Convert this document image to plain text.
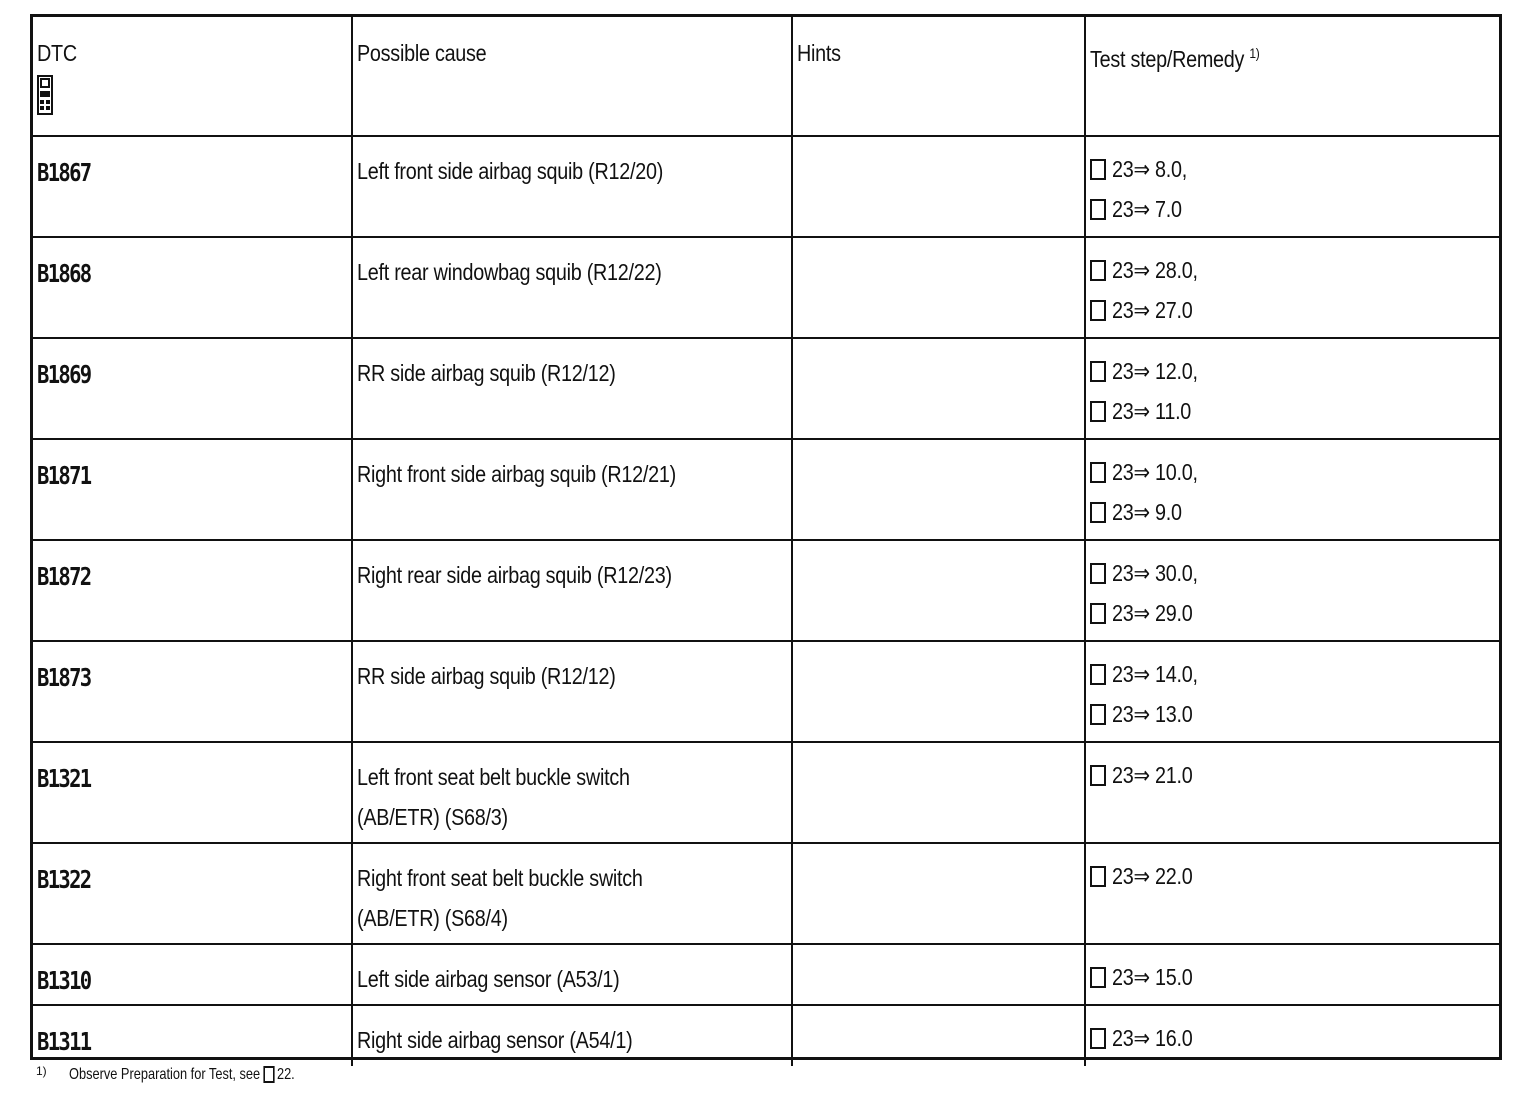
DTC	Possible cause	Hints	Test step/Remedy $^{1)}$

B1867	Left front side airbag squib (R12/20)		23⇒ 8.0,
23⇒ 7.0

B1868	Left rear windowbag squib (R12/22)		23⇒ 28.0,
23⇒ 27.0

B1869	RR side airbag squib (R12/12)		23⇒ 12.0,
23⇒ 11.0

B1871	Right front side airbag squib (R12/21)		23⇒ 10.0,
23⇒ 9.0

B1872	Right rear side airbag squib (R12/23)		23⇒ 30.0,
23⇒ 29.0

B1873	RR side airbag squib (R12/12)		23⇒ 14.0,
23⇒ 13.0

B1321	Left front seat belt buckle switch
(AB/ETR) (S68/3)		23⇒ 21.0

B1322	Right front seat belt buckle switch
(AB/ETR) (S68/4)		23⇒ 22.0

B1310	Left side airbag sensor (A53/1)		23⇒ 15.0

B1311	Right side airbag sensor (A54/1)		23⇒ 16.0
1) Observe Preparation for Test, see 22.
